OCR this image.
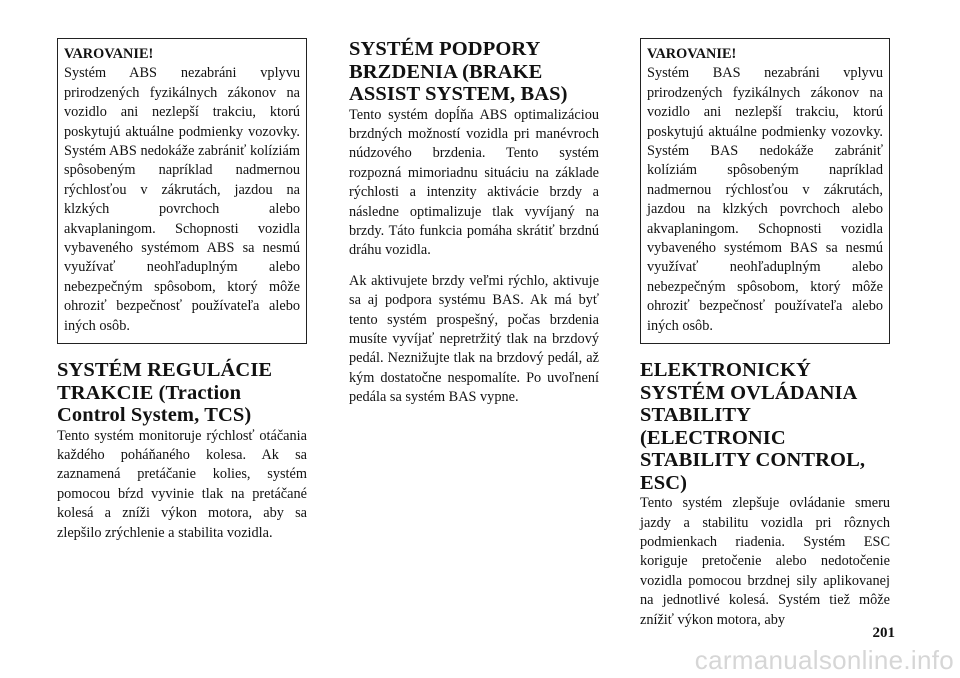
VAROVANIE!
Systém ABS nezabráni vplyvu prirodzených fyzikálnych zákonov na vozidlo ani nezlepší trakciu, ktorú poskytujú aktuálne podmienky vozovky. Systém ABS nedokáže zabrániť kolíziám spôsobeným napríklad nadmernou rýchlosťou v zákrutách, jazdou na klzkých povrchoch alebo akvaplaningom. Schopnosti vozidla vybaveného systémom ABS sa nesmú využívať neohľaduplným alebo nebezpečným spôsobom, ktorý môže ohroziť bezpečnosť používateľa alebo iných osôb.
SYSTÉM REGULÁCIE TRAKCIE (Traction Control System, TCS)

Tento systém monitoruje rýchlosť otáčania každého poháňaného kolesa. Ak sa zaznamená pretáčanie kolies, systém pomocou bŕzd vyvinie tlak na pretáčané kolesá a zníži výkon motora, aby sa zlepšilo zrýchlenie a stabilita vozidla.

SYSTÉM PODPORY BRZDENIA (BRAKE ASSIST SYSTEM, BAS)

Tento systém dopĺňa ABS optimalizáciou brzdných možností vozidla pri manévroch núdzového brzdenia. Tento systém rozpozná mimoriadnu situáciu na základe rýchlosti a intenzity aktivácie brzdy a následne optimalizuje tlak vyvíjaný na brzdy. Táto funkcia pomáha skrátiť brzdnú dráhu vozidla.

Ak aktivujete brzdy veľmi rýchlo, aktivuje sa aj podpora systému BAS. Ak má byť tento systém prospešný, počas brzdenia musíte vyvíjať nepretržitý tlak na brzdový pedál. Neznižujte tlak na brzdový pedál, až kým dostatočne nespomalíte. Po uvoľnení pedála sa systém BAS vypne.

VAROVANIE!
Systém BAS nezabráni vplyvu prirodzených fyzikálnych zákonov na vozidlo ani nezlepší trakciu, ktorú poskytujú aktuálne podmienky vozovky. Systém BAS nedokáže zabrániť kolíziám spôsobeným napríklad nadmernou rýchlosťou v zákrutách, jazdou na klzkých povrchoch alebo akvaplaningom. Schopnosti vozidla vybaveného systémom BAS sa nesmú využívať neohľaduplným alebo nebezpečným spôsobom, ktorý môže ohroziť bezpečnosť používateľa alebo iných osôb.
ELEKTRONICKÝ SYSTÉM OVLÁDANIA STABILITY (ELECTRONIC STABILITY CONTROL, ESC)

Tento systém zlepšuje ovládanie smeru jazdy a stabilitu vozidla pri rôznych podmienkach riadenia. Systém ESC koriguje pretočenie alebo nedotočenie vozidla pomocou brzdnej sily aplikovanej na jednotlivé kolesá. Systém tiež môže znížiť výkon motora, aby

201
carmanualsonline.info
